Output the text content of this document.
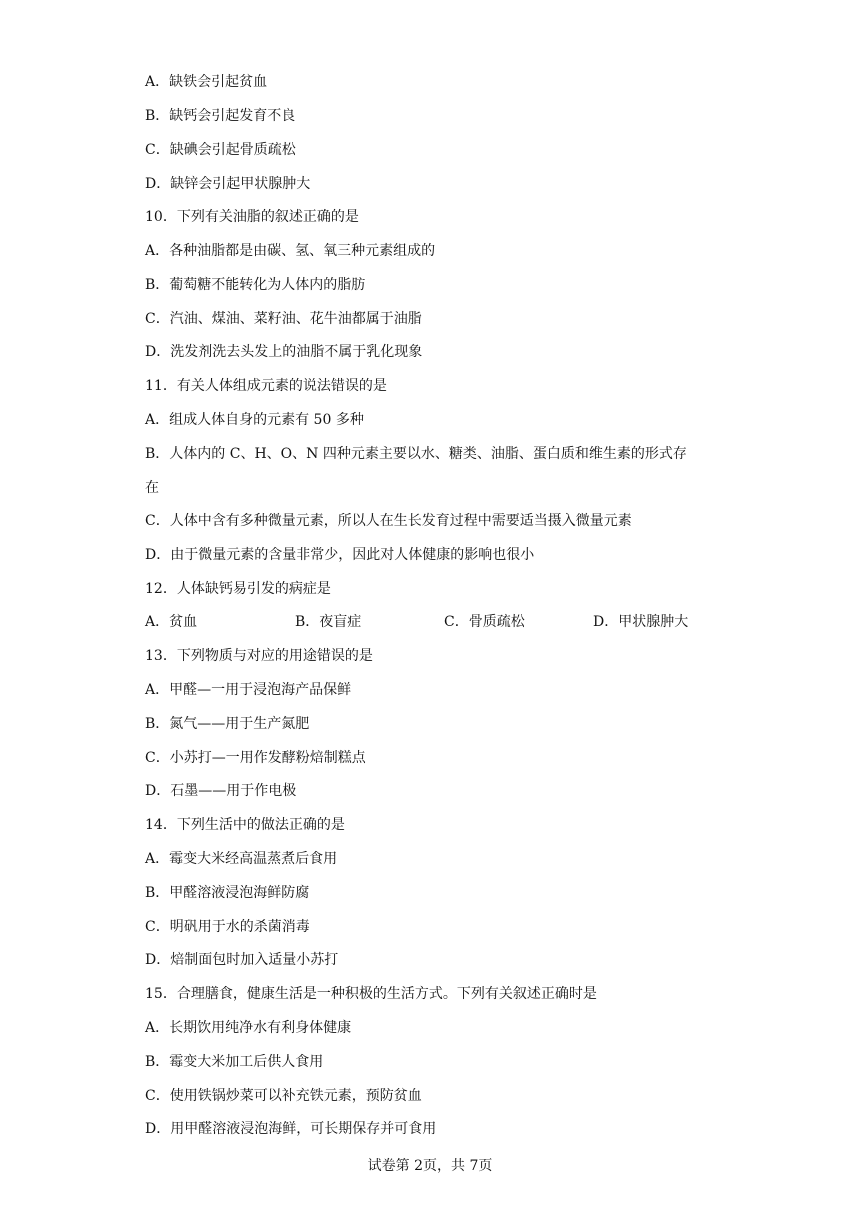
A．缺铁会引起贫血
B．缺钙会引起发育不良
C．缺碘会引起骨质疏松
D．缺锌会引起甲状腺肿大
10．下列有关油脂的叙述正确的是
A．各种油脂都是由碳、氢、氧三种元素组成的
B．葡萄糖不能转化为人体内的脂肪
C．汽油、煤油、菜籽油、花牛油都属于油脂
D．洗发剂洗去头发上的油脂不属于乳化现象
11．有关人体组成元素的说法错误的是
A．组成人体自身的元素有 50 多种
B．人体内的 C、H、O、N 四种元素主要以水、糖类、油脂、蛋白质和维生素的形式存
在
C．人体中含有多种微量元素，所以人在生长发育过程中需要适当摄入微量元素
D．由于微量元素的含量非常少，因此对人体健康的影响也很小
12．人体缺钙易引发的病症是
A．贫血	B．夜盲症	C．骨质疏松	D．甲状腺肿大
13．下列物质与对应的用途错误的是
A．甲醛—一用于浸泡海产品保鲜
B．氮气——用于生产氮肥
C．小苏打—一用作发酵粉焙制糕点
D．石墨——用于作电极
14．下列生活中的做法正确的是
A．霉变大米经高温蒸煮后食用
B．甲醛溶液浸泡海鲜防腐
C．明矾用于水的杀菌消毒
D．焙制面包时加入适量小苏打
15．合理膳食，健康生活是一种积极的生活方式。下列有关叙述正确时是
A．长期饮用纯净水有利身体健康
B．霉变大米加工后供人食用
C．使用铁锅炒菜可以补充铁元素，预防贫血
D．用甲醛溶液浸泡海鲜，可长期保存并可食用
试卷第 2页，共 7页
